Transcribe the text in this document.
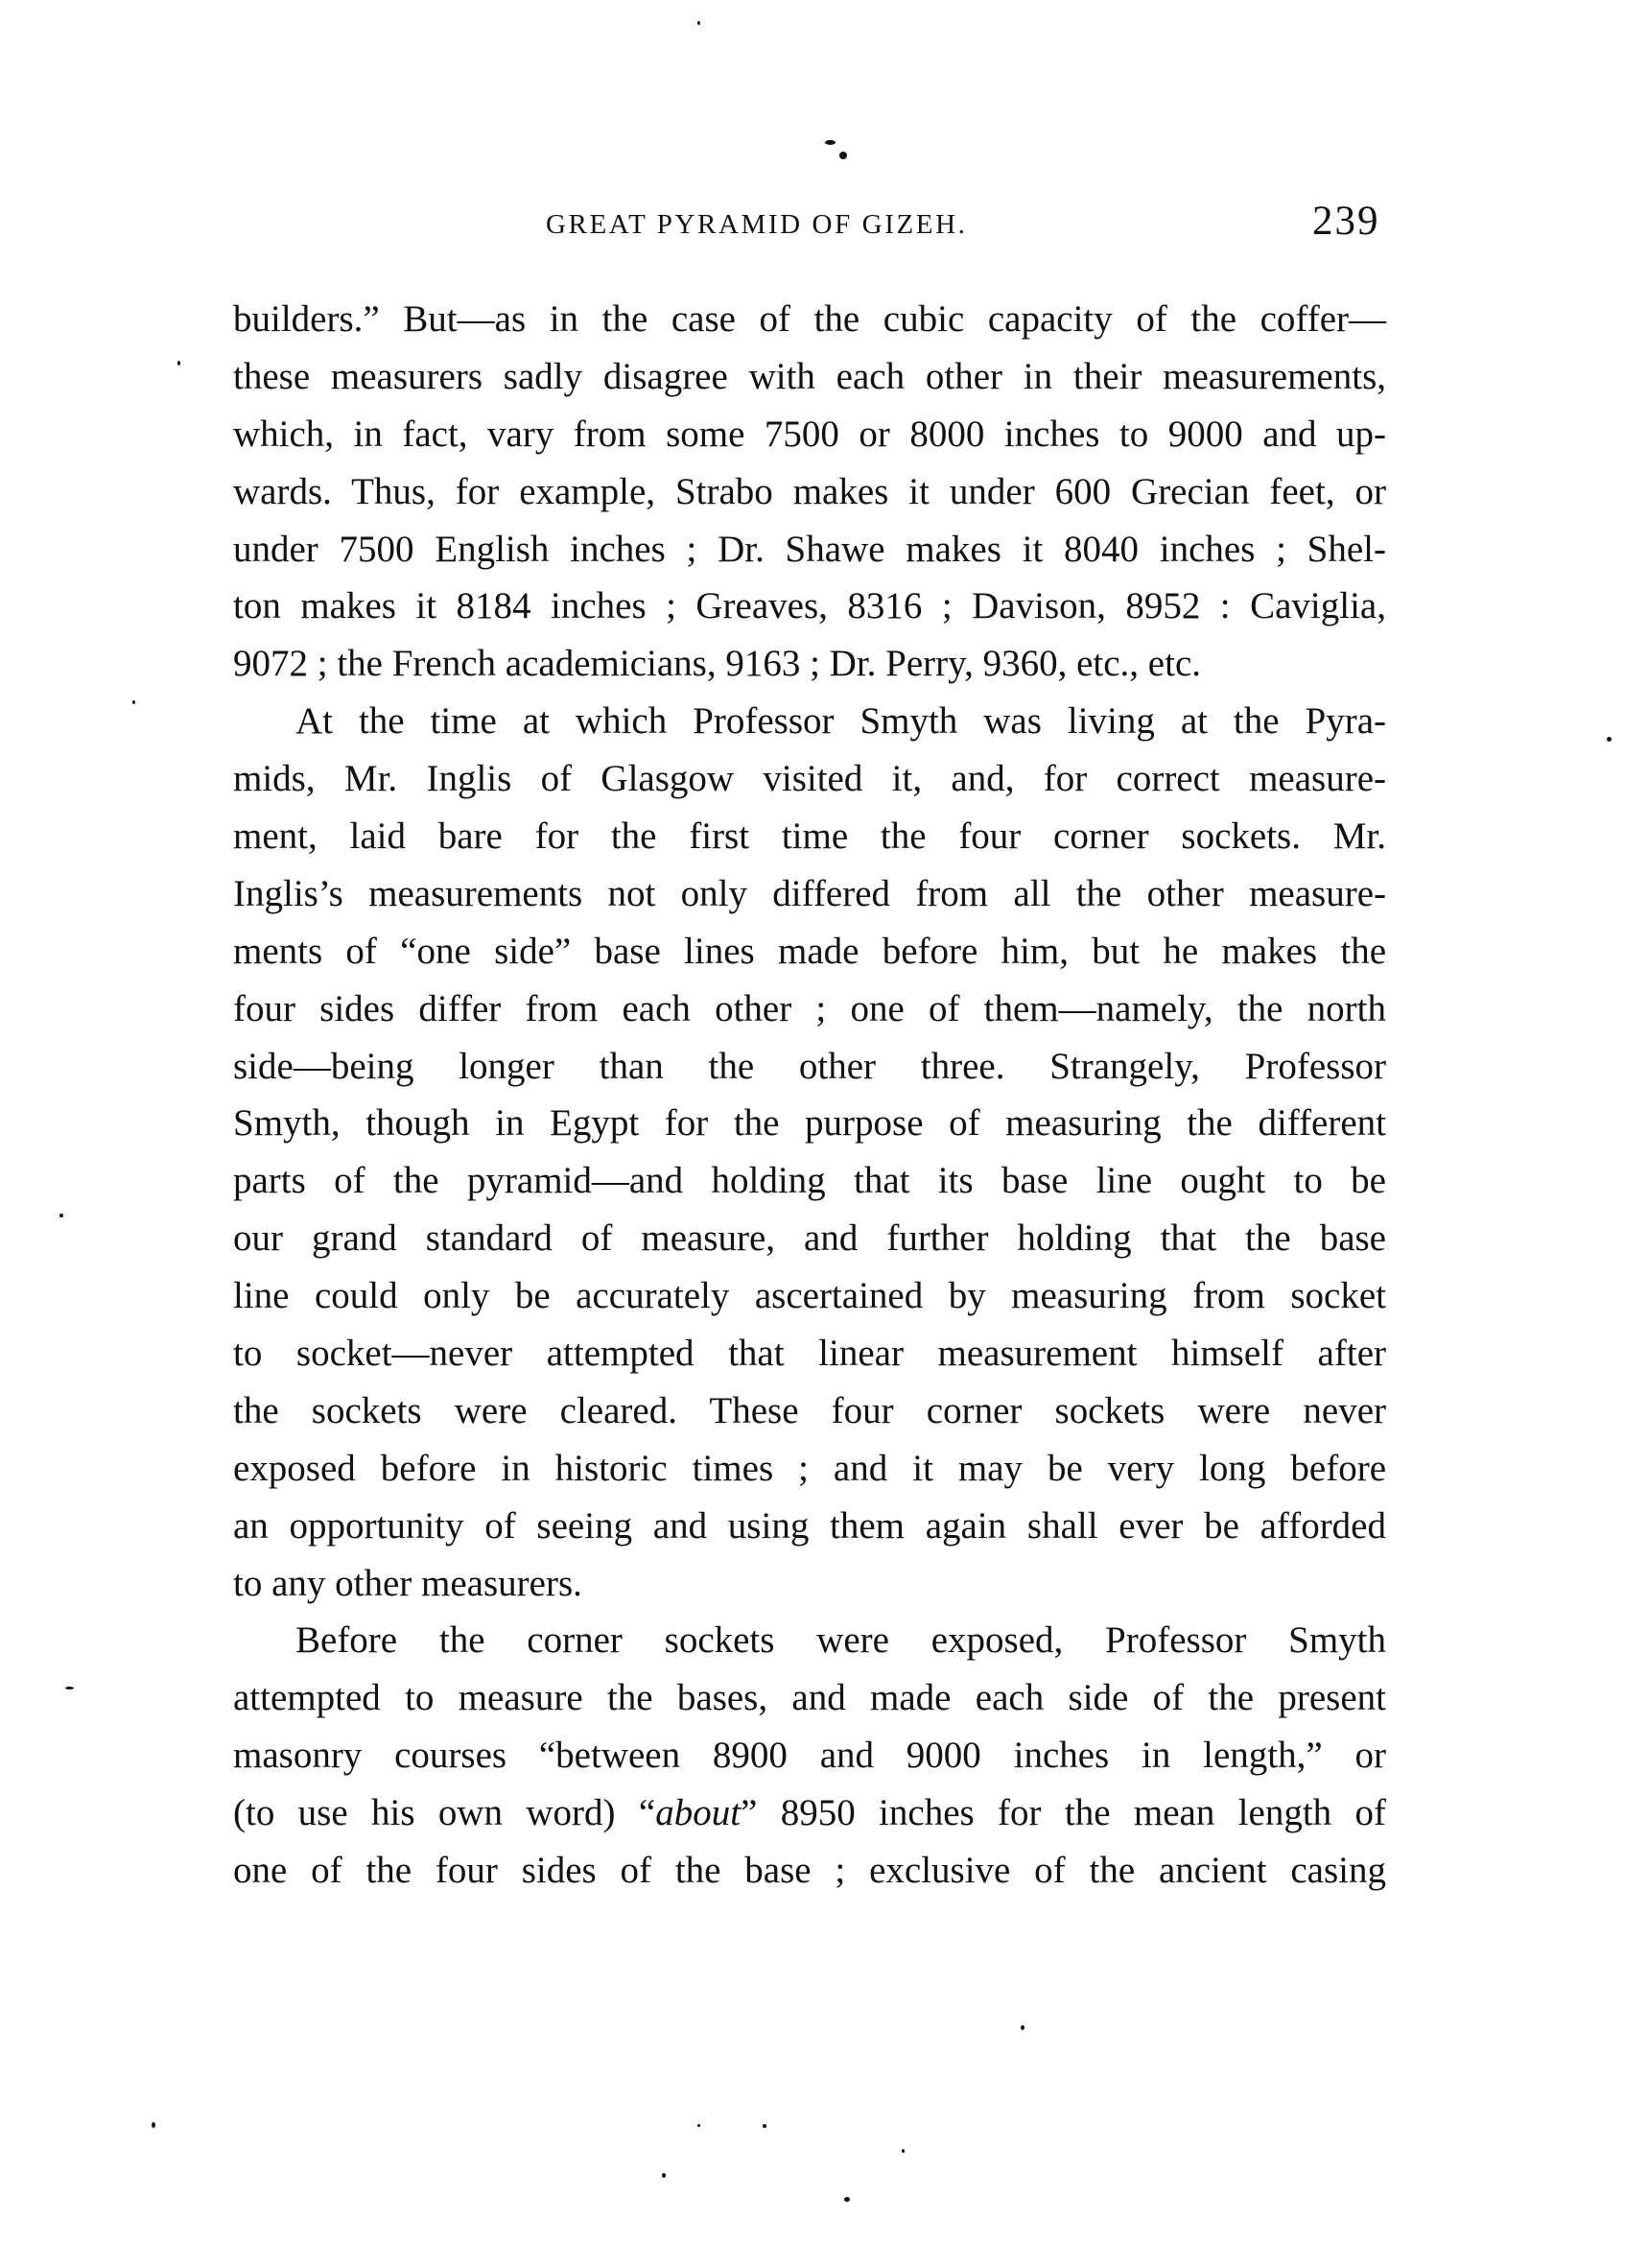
GREAT PYRAMID OF GIZEH.	239
builders.” But—as in the case of the cubic capacity of the coffer—
these measurers sadly disagree with each other in their measurements,
which, in fact, vary from some 7500 or 8000 inches to 9000 and up-
wards. Thus, for example, Strabo makes it under 600 Grecian feet, or
under 7500 English inches ; Dr. Shawe makes it 8040 inches ; Shel-
ton makes it 8184 inches ; Greaves, 8316 ; Davison, 8952 : Caviglia,
9072 ; the French academicians, 9163 ; Dr. Perry, 9360, etc., etc.
At the time at which Professor Smyth was living at the Pyra-
mids, Mr. Inglis of Glasgow visited it, and, for correct measure-
ment, laid bare for the first time the four corner sockets. Mr.
Inglis’s measurements not only differed from all the other measure-
ments of “one side” base lines made before him, but he makes the
four sides differ from each other ; one of them—namely, the north
side—being longer than the other three. Strangely, Professor
Smyth, though in Egypt for the purpose of measuring the different
parts of the pyramid—and holding that its base line ought to be
our grand standard of measure, and further holding that the base
line could only be accurately ascertained by measuring from socket
to socket—never attempted that linear measurement himself after
the sockets were cleared. These four corner sockets were never
exposed before in historic times ; and it may be very long before
an opportunity of seeing and using them again shall ever be afforded
to any other measurers.
Before the corner sockets were exposed, Professor Smyth
attempted to measure the bases, and made each side of the present
masonry courses “between 8900 and 9000 inches in length,” or
(to use his own word) “about” 8950 inches for the mean length of
one of the four sides of the base ; exclusive of the ancient casing
